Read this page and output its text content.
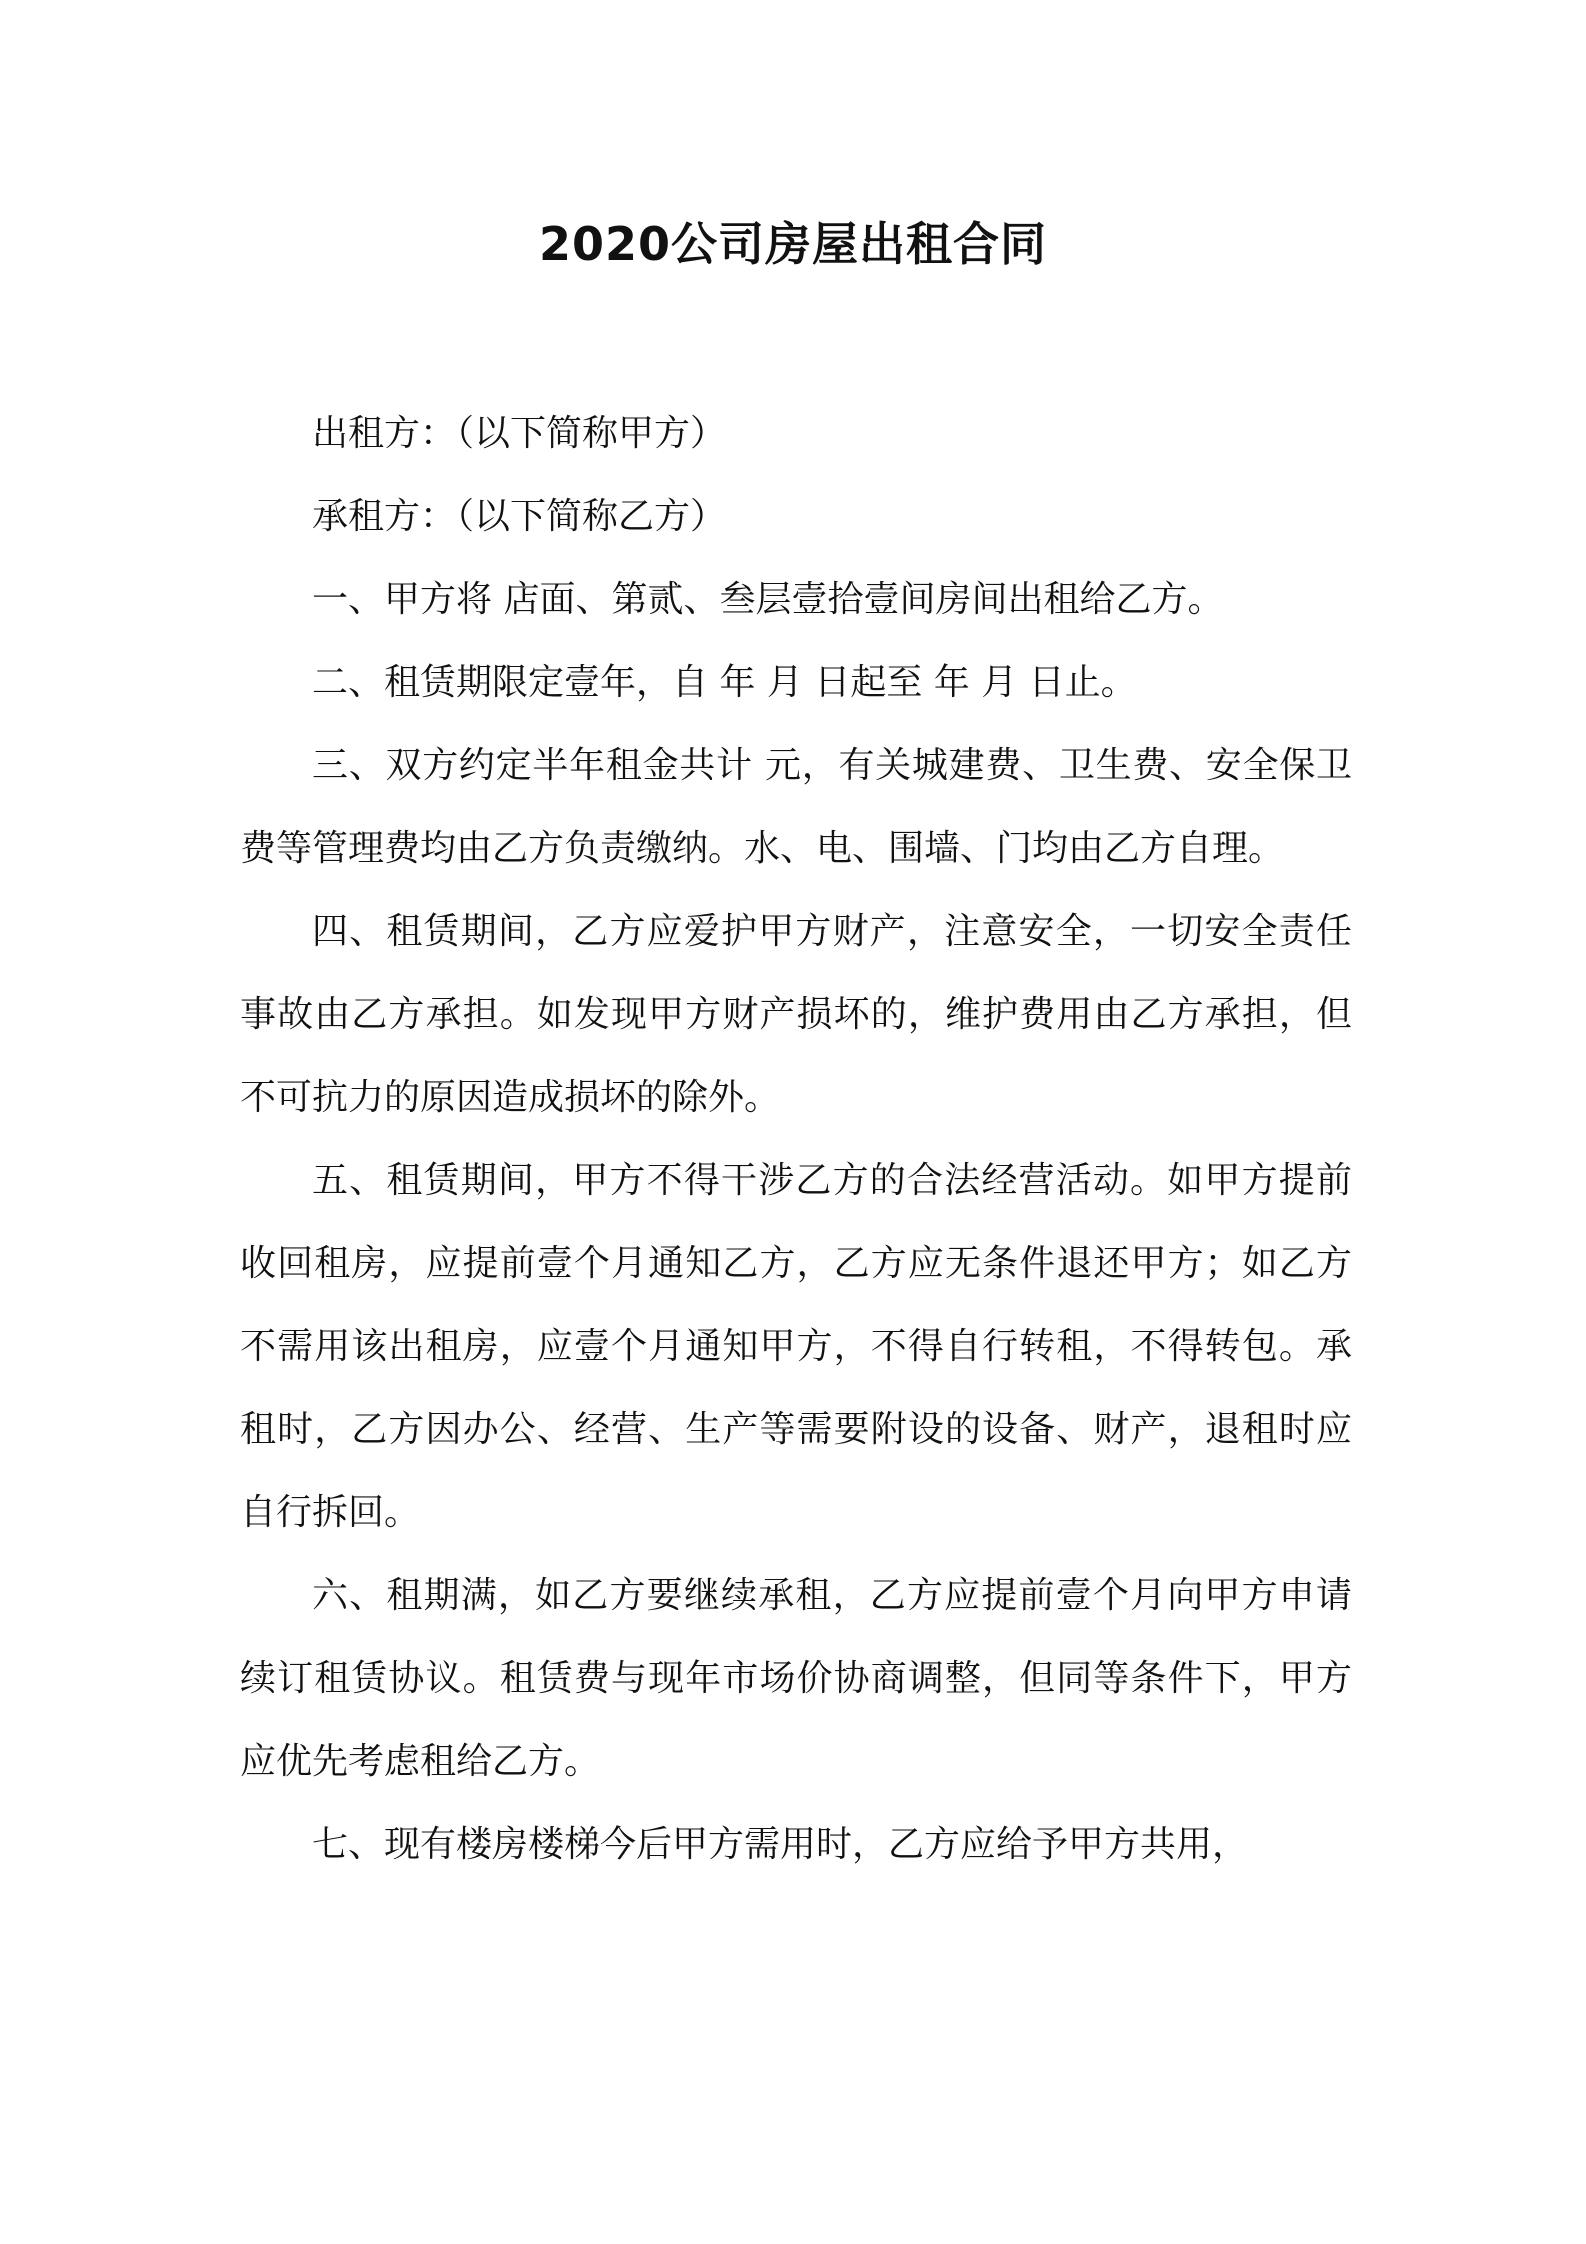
2020公司房屋出租合同

出租方：（以下简称甲方）

承租方：（以下简称乙方）

一、甲方将 店面、第贰、叁层壹拾壹间房间出租给乙方。

二、租赁期限定壹年，自 年 月 日起至 年 月 日止。

三、双方约定半年租金共计 元，有关城建费、卫生费、安全保卫费等管理费均由乙方负责缴纳。水、电、围墙、门均由乙方自理。

四、租赁期间，乙方应爱护甲方财产，注意安全，一切安全责任事故由乙方承担。如发现甲方财产损坏的，维护费用由乙方承担，但不可抗力的原因造成损坏的除外。

五、租赁期间，甲方不得干涉乙方的合法经营活动。如甲方提前收回租房，应提前壹个月通知乙方，乙方应无条件退还甲方；如乙方不需用该出租房，应壹个月通知甲方，不得自行转租，不得转包。承租时，乙方因办公、经营、生产等需要附设的设备、财产，退租时应自行拆回。

六、租期满，如乙方要继续承租，乙方应提前壹个月向甲方申请续订租赁协议。租赁费与现年市场价协商调整，但同等条件下，甲方应优先考虑租给乙方。

七、现有楼房楼梯今后甲方需用时，乙方应给予甲方共用，
